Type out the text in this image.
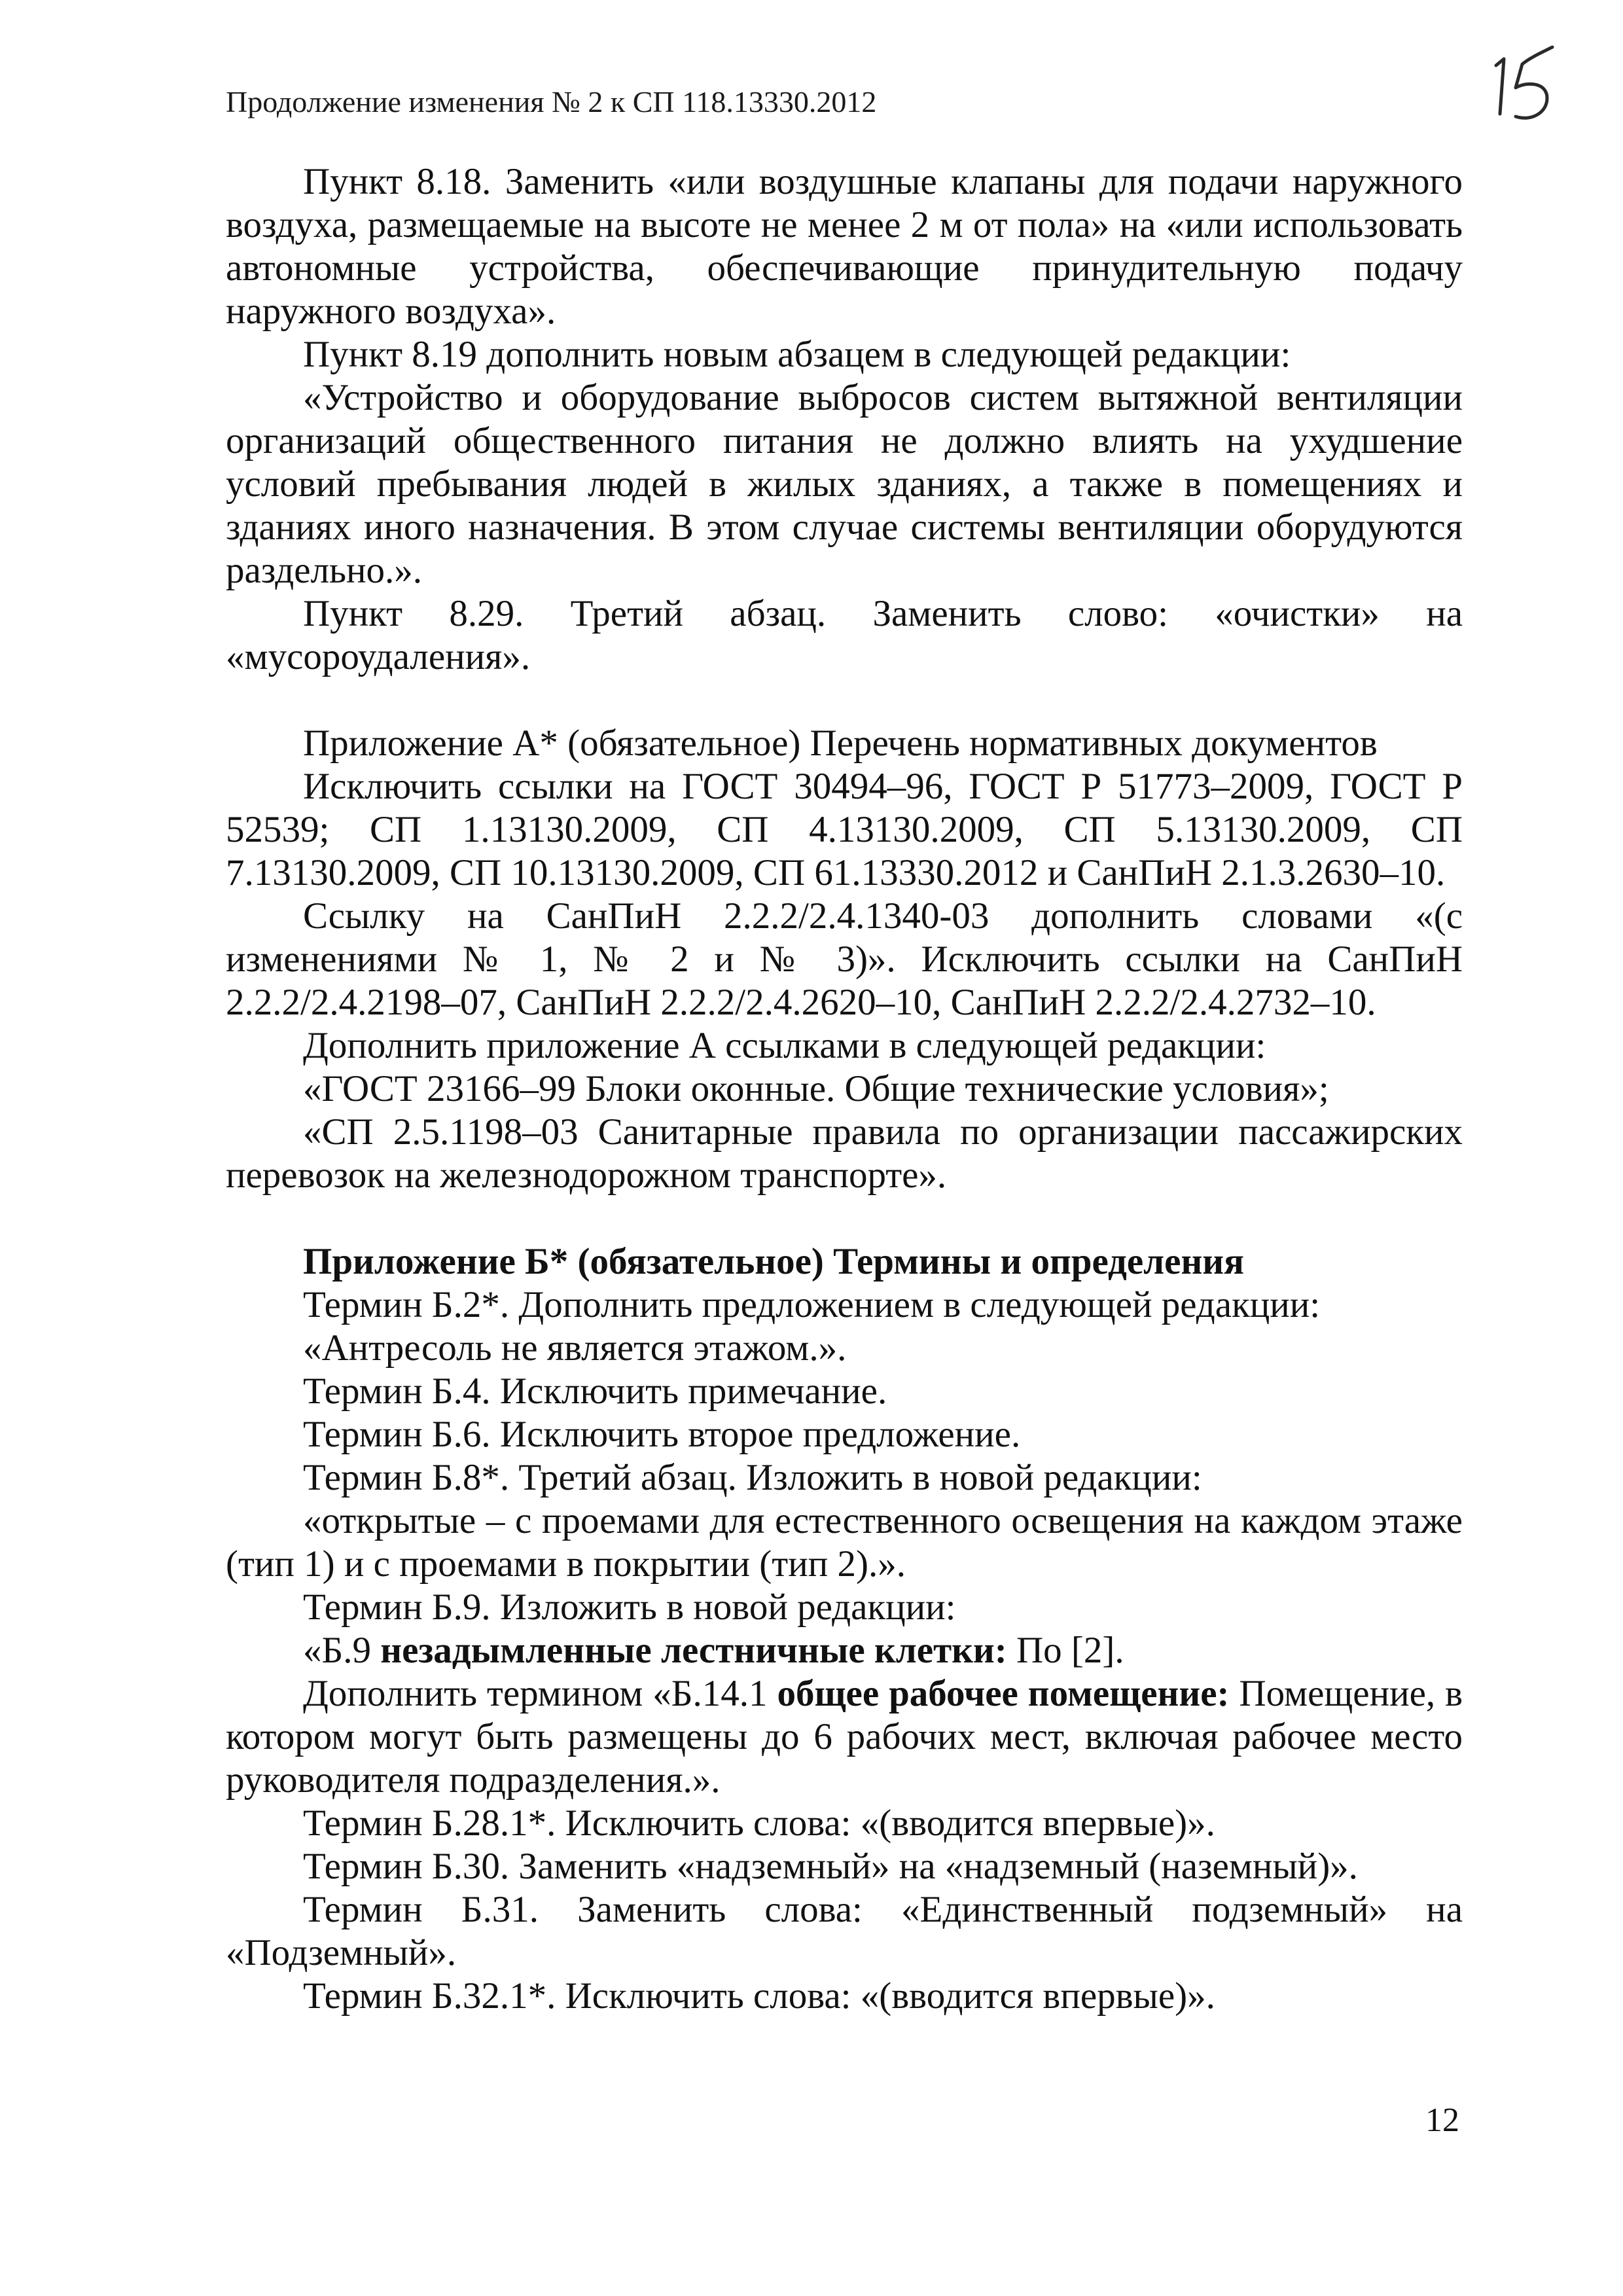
Продолжение изменения № 2 к СП 118.13330.2012

Пункт 8.18. Заменить «или воздушные клапаны для подачи наружного воздуха, размещаемые на высоте не менее 2 м от пола» на «или использовать автономные устройства, обеспечивающие принудительную подачу наружного воздуха».

Пункт 8.19 дополнить новым абзацем в следующей редакции:

«Устройство и оборудование выбросов систем вытяжной вентиляции организаций общественного питания не должно влиять на ухудшение условий пребывания людей в жилых зданиях, а также в помещениях и зданиях иного назначения. В этом случае системы вентиляции оборудуются раздельно.».

Пункт 8.29. Третий абзац. Заменить слово: «очистки» на «мусороудаления».

Приложение А* (обязательное) Перечень нормативных документов

Исключить ссылки на ГОСТ 30494–96, ГОСТ Р 51773–2009, ГОСТ Р 52539; СП 1.13130.2009, СП 4.13130.2009, СП 5.13130.2009, СП 7.13130.2009, СП 10.13130.2009, СП 61.13330.2012 и СанПиН 2.1.3.2630–10.

Ссылку на СанПиН 2.2.2/2.4.1340-03 дополнить словами «(с изменениями № 1, № 2 и № 3)». Исключить ссылки на СанПиН 2.2.2/2.4.2198–07, СанПиН 2.2.2/2.4.2620–10, СанПиН 2.2.2/2.4.2732–10.

Дополнить приложение А ссылками в следующей редакции:

«ГОСТ 23166–99 Блоки оконные. Общие технические условия»;

«СП 2.5.1198–03 Санитарные правила по организации пассажирских перевозок на железнодорожном транспорте».

Приложение Б* (обязательное) Термины и определения

Термин Б.2*. Дополнить предложением в следующей редакции:

«Антресоль не является этажом.».

Термин Б.4. Исключить примечание.

Термин Б.6. Исключить второе предложение.

Термин Б.8*. Третий абзац. Изложить в новой редакции:

«открытые – с проемами для естественного освещения на каждом этаже (тип 1) и с проемами в покрытии (тип 2).».

Термин Б.9. Изложить в новой редакции:

«Б.9 незадымленные лестничные клетки: По [2].

Дополнить термином «Б.14.1 общее рабочее помещение: Помещение, в котором могут быть размещены до 6 рабочих мест, включая рабочее место руководителя подразделения.».

Термин Б.28.1*. Исключить слова: «(вводится впервые)».

Термин Б.30. Заменить «надземный» на «надземный (наземный)».

Термин Б.31. Заменить слова: «Единственный подземный» на «Подземный».

Термин Б.32.1*. Исключить слова: «(вводится впервые)».

12
